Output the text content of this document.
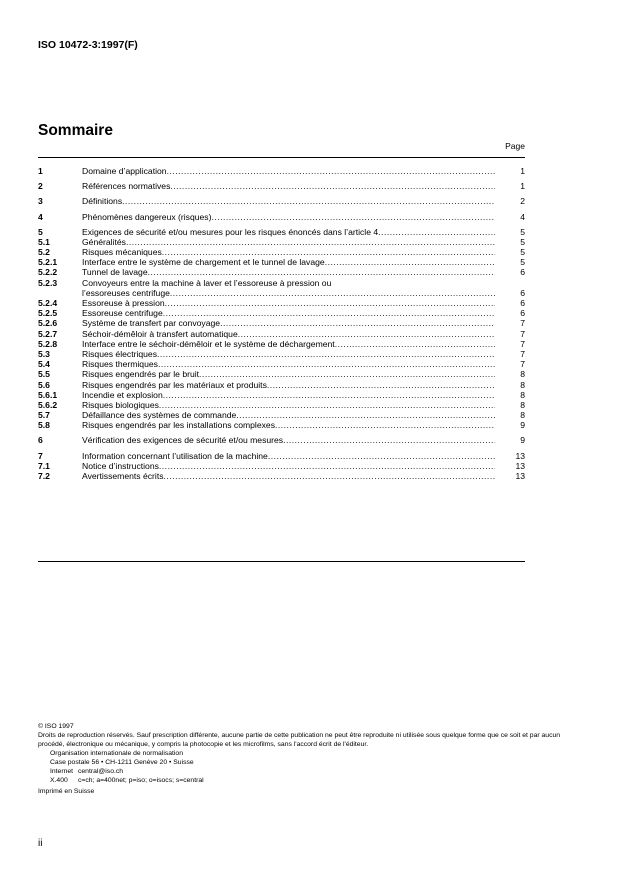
ISO 10472-3:1997(F)
Sommaire
Page
1	Domaine d’application .....	1
2	Références normatives .....	1
3	Définitions .....	2
4	Phénomènes dangereux (risques) .....	4
5	Exigences de sécurité et/ou mesures pour les risques énoncés dans l’article 4 .....	5
5.1	Généralités .....	5
5.2	Risques mécaniques .....	5
5.2.1	Interface entre le système de chargement et le tunnel de lavage .....	5
5.2.2	Tunnel de lavage .....	6
5.2.3	Convoyeurs entre la machine à laver et l’essoreuse à pression ou
l’essoreuses centrifuge .....	6
5.2.4	Essoreuse à pression .....	6
5.2.5	Essoreuse centrifuge .....	6
5.2.6	Système de transfert par convoyage .....	7
5.2.7	Séchoir-démêloir à transfert automatique .....	7
5.2.8	Interface entre le séchoir-démêloir et le système de déchargement .....	7
5.3	Risques électriques .....	7
5.4	Risques thermiques .....	7
5.5	Risques engendrés par le bruit .....	8
5.6	Risques engendrés par les matériaux et produits .....	8
5.6.1	Incendie et explosion .....	8
5.6.2	Risques biologiques .....	8
5.7	Défaillance des systèmes de commande .....	8
5.8	Risques engendrés par les installations complexes .....	9
6	Vérification des exigences de sécurité et/ou mesures .....	9
7	Information concernant l’utilisation de la machine .....	13
7.1	Notice d’instructions .....	13
7.2	Avertissements écrits .....	13
© ISO 1997
Droits de reproduction réservés. Sauf prescription différente, aucune partie de cette publication ne peut être reproduite ni utilisée sous quelque forme que ce soit et par aucun procédé, électronique ou mécanique, y compris la photocopie et les microfilms, sans l'accord écrit de l'éditeur.
Organisation internationale de normalisation
Case postale 56 • CH-1211 Genève 20 • Suisse
Internet central@iso.ch
X.400	c=ch; a=400net; p=iso; o=isocs; s=central
Imprimé en Suisse
ii
